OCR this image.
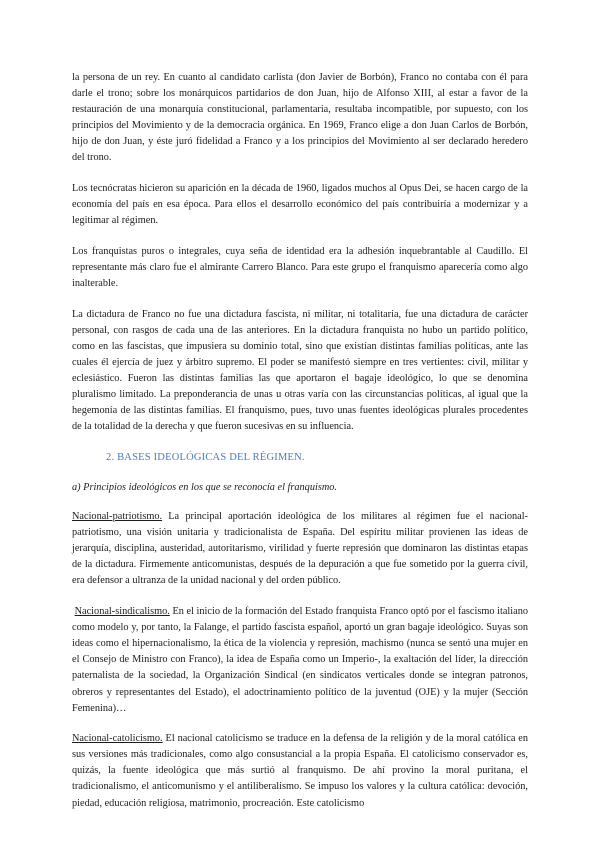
la persona de un rey. En cuanto al candidato carlista (don Javier de Borbón), Franco no contaba con él para darle el trono; sobre los monárquicos partidarios de don Juan, hijo de Alfonso XIII, al estar a favor de la restauración de una monarquía constitucional, parlamentaria, resultaba incompatible, por supuesto, con los principios del Movimiento y de la democracia orgánica. En 1969, Franco elige a don Juan Carlos de Borbón, hijo de don Juan, y éste juró fidelidad a Franco y a los principios del Movimiento al ser declarado heredero del trono.

Los tecnócratas hicieron su aparición en la década de 1960, ligados muchos al Opus Dei, se hacen cargo de la economía del país en esa época. Para ellos el desarrollo económico del país contribuiría a modernizar y a legitimar al régimen.

Los franquistas puros o integrales, cuya seña de identidad era la adhesión inquebrantable al Caudillo. El representante más claro fue el almirante Carrero Blanco. Para este grupo el franquismo aparecería como algo inalterable.

La dictadura de Franco no fue una dictadura fascista, ni militar, ni totalitaria, fue una dictadura de carácter personal, con rasgos de cada una de las anteriores. En la dictadura franquista no hubo un partido político, como en las fascistas, que impusiera su dominio total, sino que existían distintas familias políticas, ante las cuales él ejercía de juez y árbitro supremo. El poder se manifestó siempre en tres vertientes: civil, militar y eclesiástico. Fueron las distintas familias las que aportaron el bagaje ideológico, lo que se denomina pluralismo limitado. La preponderancia de unas u otras varía con las circunstancias políticas, al igual que la hegemonía de las distintas familias. El franquismo, pues, tuvo unas fuentes ideológicas plurales procedentes de la totalidad de la derecha y que fueron sucesivas en su influencia.

2. BASES IDEOLÓGICAS DEL RÉGIMEN.
a) Principios ideológicos en los que se reconocía el franquismo.

Nacional-patriotismo. La principal aportación ideológica de los militares al régimen fue el nacional-patriotismo, una visión unitaria y tradicionalista de España. Del espíritu militar provienen las ideas de jerarquía, disciplina, austeridad, autoritarismo, virilidad y fuerte represión que dominaron las distintas etapas de la dictadura. Firmemente anticomunistas, después de la depuración a que fue sometido por la guerra civil, era defensor a ultranza de la unidad nacional y del orden público.

Nacional-sindicalismo. En el inicio de la formación del Estado franquista Franco optó por el fascismo italiano como modelo y, por tanto, la Falange, el partido fascista español, aportó un gran bagaje ideológico. Suyas son ideas como el hipernacionalismo, la ética de la violencia y represión, machismo (nunca se sentó una mujer en el Consejo de Ministro con Franco), la idea de España como un Imperio-, la exaltación del líder, la dirección paternalista de la sociedad, la Organización Sindical (en sindicatos verticales donde se integran patronos, obreros y representantes del Estado), el adoctrinamiento político de la juventud (OJE) y la mujer (Sección Femenina)…

Nacional-catolicismo. El nacional catolicismo se traduce en la defensa de la religión y de la moral católica en sus versiones más tradicionales, como algo consustancial a la propia España. El catolicismo conservador es, quizás, la fuente ideológica que más surtió al franquismo. De ahí provino la moral puritana, el tradicionalismo, el anticomunismo y el antiliberalismo. Se impuso los valores y la cultura católica: devoción, piedad, educación religiosa, matrimonio, procreación. Este catolicismo
